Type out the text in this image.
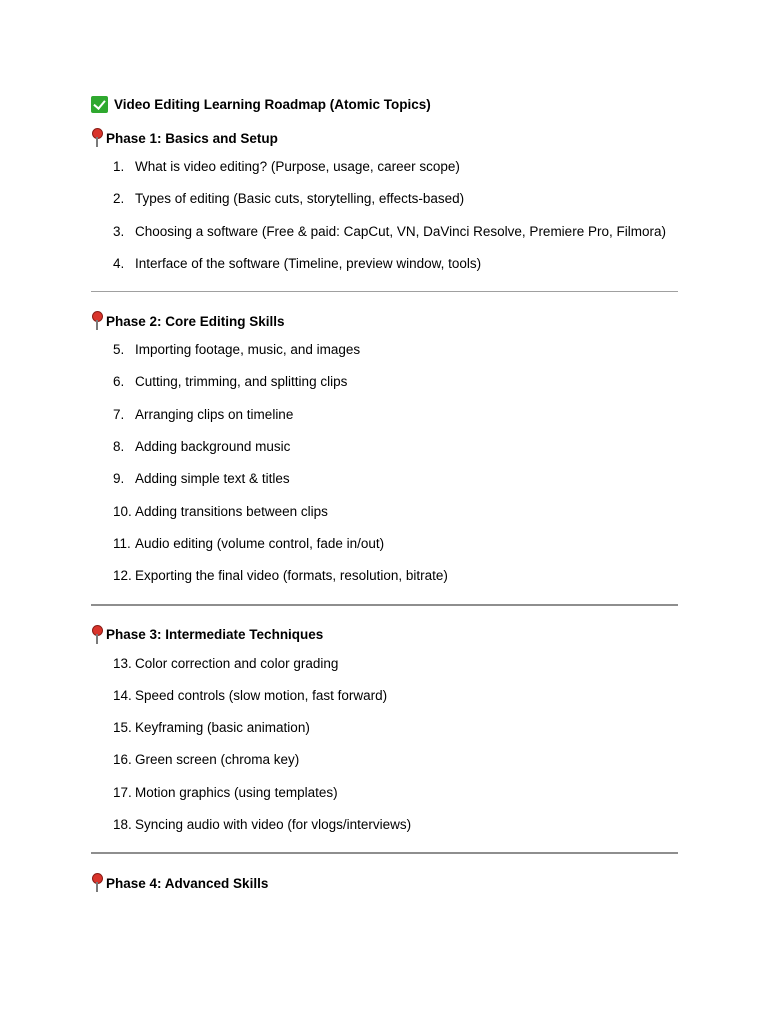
Video Editing Learning Roadmap (Atomic Topics)
Phase 1: Basics and Setup
1. What is video editing? (Purpose, usage, career scope)
2. Types of editing (Basic cuts, storytelling, effects-based)
3. Choosing a software (Free & paid: CapCut, VN, DaVinci Resolve, Premiere Pro, Filmora)
4. Interface of the software (Timeline, preview window, tools)
Phase 2: Core Editing Skills
5. Importing footage, music, and images
6. Cutting, trimming, and splitting clips
7. Arranging clips on timeline
8. Adding background music
9. Adding simple text & titles
10. Adding transitions between clips
11. Audio editing (volume control, fade in/out)
12. Exporting the final video (formats, resolution, bitrate)
Phase 3: Intermediate Techniques
13. Color correction and color grading
14. Speed controls (slow motion, fast forward)
15. Keyframing (basic animation)
16. Green screen (chroma key)
17. Motion graphics (using templates)
18. Syncing audio with video (for vlogs/interviews)
Phase 4: Advanced Skills
